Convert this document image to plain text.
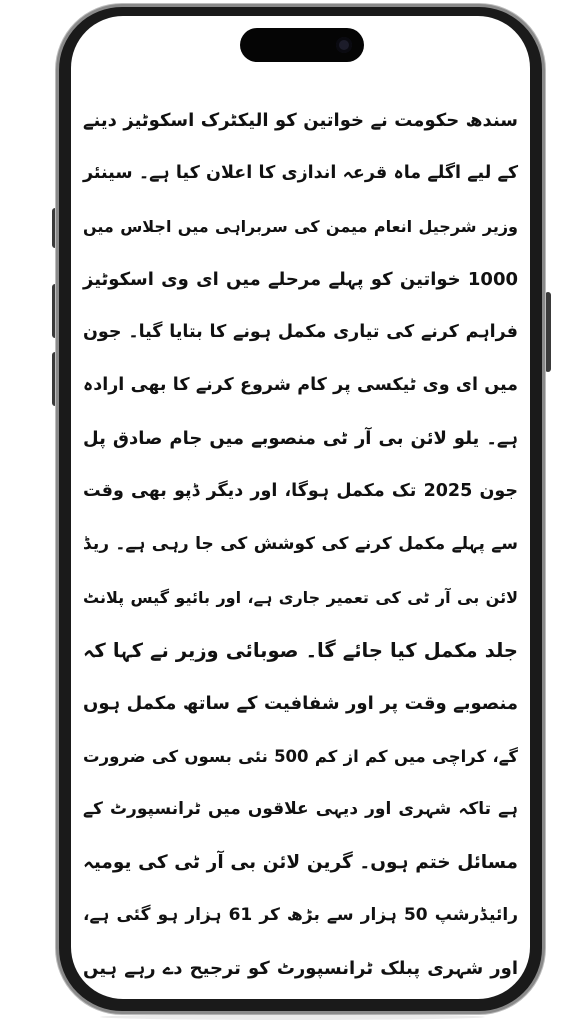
سندھ حکومت نے خواتین کو الیکٹرک اسکوٹیز دینے
کے لیے اگلے ماہ قرعہ اندازی کا اعلان کیا ہے۔ سینئر
وزیر شرجیل انعام میمن کی سربراہی میں اجلاس میں
1000 خواتین کو پہلے مرحلے میں ای وی اسکوٹیز
فراہم کرنے کی تیاری مکمل ہونے کا بتایا گیا۔ جون
میں ای وی ٹیکسی پر کام شروع کرنے کا بھی ارادہ
ہے۔ یلو لائن بی آر ٹی منصوبے میں جام صادق پل
جون 2025 تک مکمل ہوگا، اور دیگر ڈپو بھی وقت
سے پہلے مکمل کرنے کی کوشش کی جا رہی ہے۔ ریڈ
لائن بی آر ٹی کی تعمیر جاری ہے، اور بائیو گیس پلانٹ
جلد مکمل کیا جائے گا۔ صوبائی وزیر نے کہا کہ
منصوبے وقت پر اور شفافیت کے ساتھ مکمل ہوں
گے، کراچی میں کم از کم 500 نئی بسوں کی ضرورت
ہے تاکہ شہری اور دیہی علاقوں میں ٹرانسپورٹ کے
مسائل ختم ہوں۔ گرین لائن بی آر ٹی کی یومیہ
رائیڈرشپ 50 ہزار سے بڑھ کر 61 ہزار ہو گئی ہے،
اور شہری پبلک ٹرانسپورٹ کو ترجیح دے رہے ہیں
